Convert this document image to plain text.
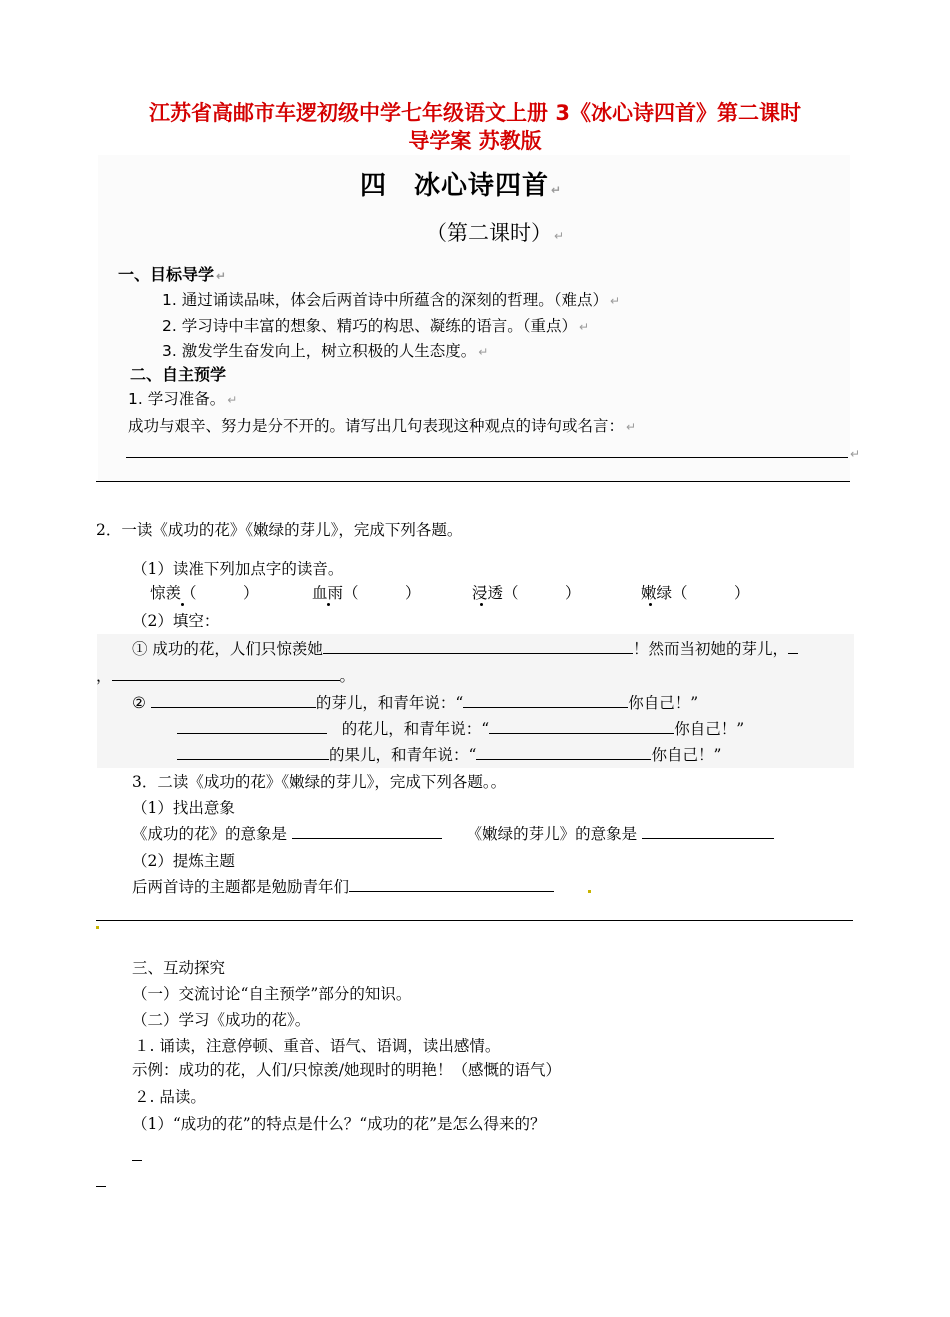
江苏省高邮市车逻初级中学七年级语文上册 3《冰心诗四首》第二课时
导学案 苏教版
四　冰心诗四首 ↵
（第二课时） ↵
一、目标导学 ↵
1. 通过诵读品味，体会后两首诗中所蕴含的深刻的哲理。（难点） ↵
2. 学习诗中丰富的想象、精巧的构思、凝练的语言。（重点） ↵
3. 激发学生奋发向上，树立积极的人生态度。 ↵
二、自主预学
1. 学习准备。 ↵
成功与艰辛、努力是分不开的。请写出几句表现这种观点的诗句或名言： ↵
↵
2．一读《成功的花》《嫩绿的芽儿》，完成下列各题。
（1）读准下列加点字的读音。
惊羡（　　　）	血雨（　　　）	浸透（　　　）	嫩绿（　　　）
（2）填空：
① 成功的花，人们只惊羡她	！然而当初她的芽儿，
，	。
②	的芽儿，和青年说：“	你自己！”
的花儿，和青年说：“	你自己！”
的果儿，和青年说：“	你自己！”
3．二读《成功的花》《嫩绿的芽儿》，完成下列各题。。
（1）找出意象
《成功的花》的意象是	《嫩绿的芽儿》的意象是
（2）提炼主题
后两首诗的主题都是勉励青年们
三、互动探究
（一）交流讨论“自主预学”部分的知识。
（二）学习《成功的花》。
１. 诵读，注意停顿、重音、语气、语调，读出感情。
示例：成功的花，人们/只惊羡/她现时的明艳！（感慨的语气）
２. 品读。
（1）“成功的花”的特点是什么？“成功的花”是怎么得来的？
